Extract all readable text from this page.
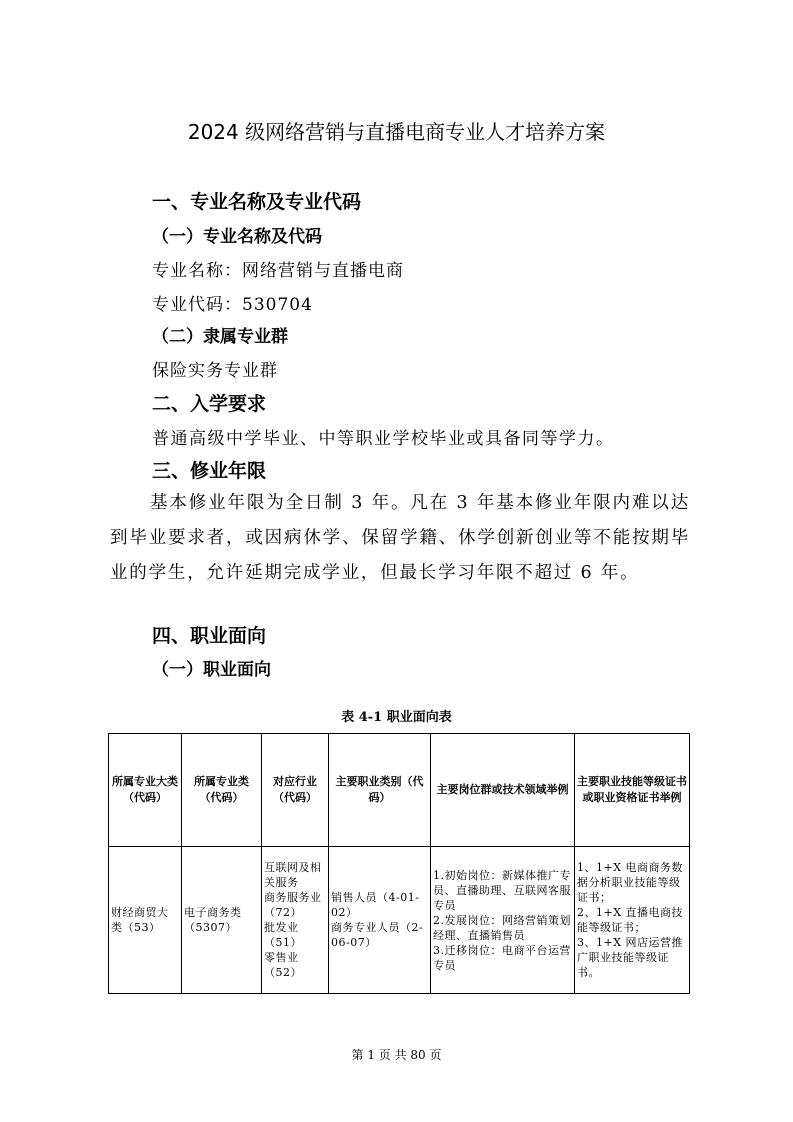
2024 级网络营销与直播电商专业人才培养方案
一、专业名称及专业代码
（一）专业名称及代码
专业名称：网络营销与直播电商
专业代码：530704
（二）隶属专业群
保险实务专业群
二、入学要求
普通高级中学毕业、中等职业学校毕业或具备同等学力。
三、修业年限
基本修业年限为全日制 3 年。凡在 3 年基本修业年限内难以达到毕业要求者，或因病休学、保留学籍、休学创新创业等不能按期毕业的学生，允许延期完成学业，但最长学习年限不超过 6 年。
四、职业面向
（一）职业面向
表 4-1 职业面向表
所属专业大类（代码）	所属专业类（代码）	对应行业（代码）	主要职业类别（代码）	主要岗位群或技术领域举例	主要职业技能等级证书或职业资格证书举例
财经商贸大类（53）	电子商务类（5307）	互联网及相关服务
商务服务业（72）
批发业（51）
零售业（52）	销售人员（4-01-02）
商务专业人员（2-06-07）	1.初始岗位：新媒体推广专员、直播助理、互联网客服专员
2.发展岗位：网络营销策划经理、直播销售员
3.迁移岗位：电商平台运营专员	1、1+X 电商商务数据分析职业技能等级证书；
2、1+X 直播电商技能等级证书；
3、1+X 网店运营推广职业技能等级证书。
第 1 页 共 80 页
